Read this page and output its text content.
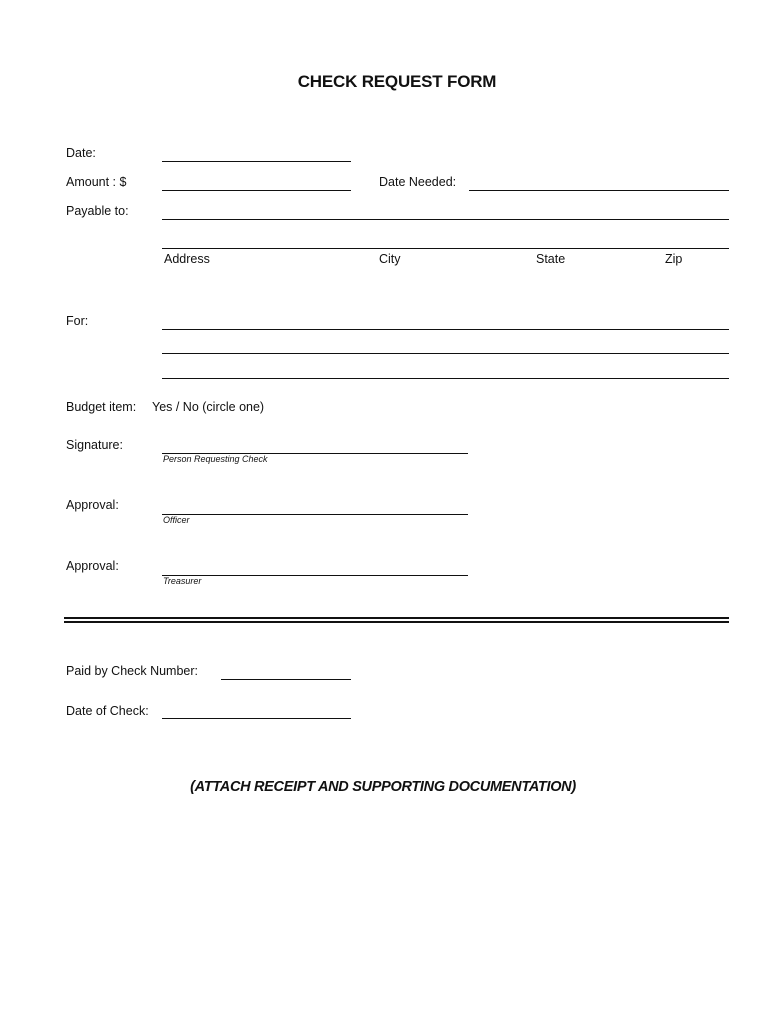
CHECK REQUEST FORM
Date:
Amount : $	Date Needed:
Payable to:
Address	City	State	Zip
For:
Budget item: Yes / No (circle one)
Signature:
Person Requesting Check
Approval:
Officer
Approval:
Treasurer
Paid by Check Number:
Date of Check:
(ATTACH RECEIPT AND SUPPORTING DOCUMENTATION)
